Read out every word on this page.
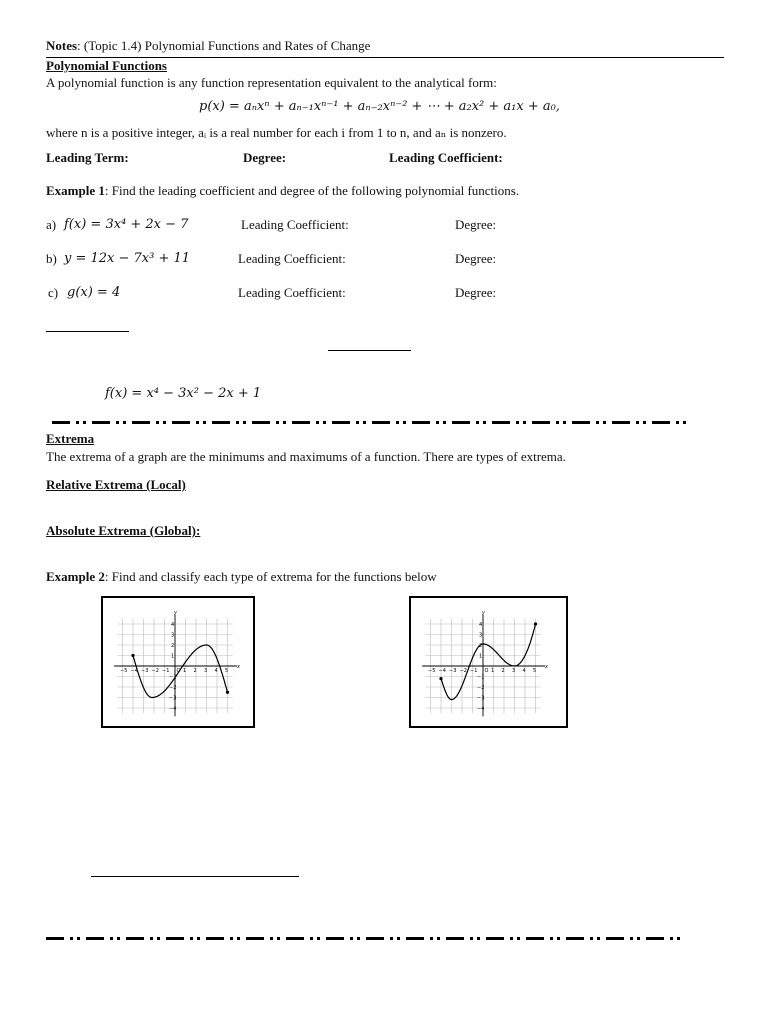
Notes: (Topic 1.4) Polynomial Functions and Rates of Change
Polynomial Functions
A polynomial function is any function representation equivalent to the analytical form:
p(x) = aₙxⁿ + aₙ₋₁xⁿ⁻¹ + aₙ₋₂xⁿ⁻² + ⋯ + a₂x² + a₁x + a₀,
where n is a positive integer, aᵢ is a real number for each i from 1 to n, and aₙ is nonzero.
Leading Term:	Degree:	Leading Coefficient:
Example 1: Find the leading coefficient and degree of the following polynomial functions.
a) f(x) = 3x⁴ + 2x − 7	Leading Coefficient:	Degree:
b) y = 12x − 7x³ + 11	Leading Coefficient:	Degree:
c) g(x) = 4	Leading Coefficient:	Degree:
f(x) = x⁴ − 3x² − 2x + 1
Extrema
The extrema of a graph are the minimums and maximums of a function. There are types of extrema.
Relative Extrema (Local)
Absolute Extrema (Global):
Example 2: Find and classify each type of extrema for the functions below
y
x
O
−5 −4 −3 −2 −1	1 2 3 4 5
1
−1
2
−2
3
−3
4
−4
y
x
O
−5 −4 −3 −2 −1	1 2 3 4 5
1
−1
2
−2
3
−3
4
−4
